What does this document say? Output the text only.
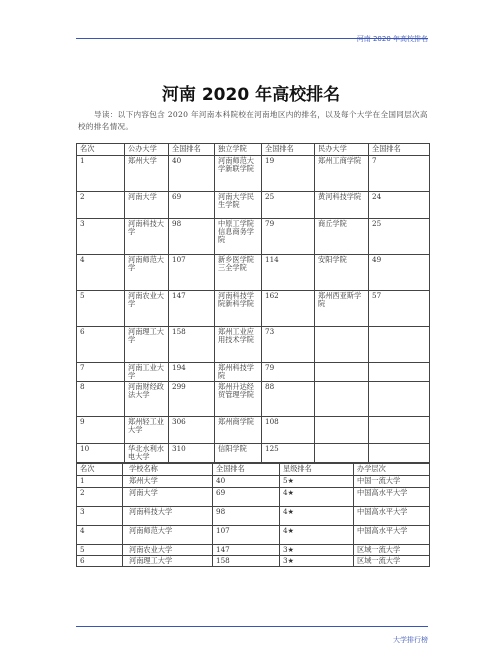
河南 2020 年高校排名
河南 2020 年高校排名
导读：以下内容包含 2020 年河南本科院校在河南地区内的排名，以及每个大学在全国同层次高校的排名情况。
名次	公办大学	全国排名	独立学院	全国排名	民办大学	全国排名
1	郑州大学	40	河南师范大学新联学院	19	郑州工商学院	7
2	河南大学	69	河南大学民生学院	25	黄河科技学院	24
3	河南科技大学	98	中原工学院信息商务学院	79	商丘学院	25
4	河南师范大学	107	新乡医学院三全学院	114	安阳学院	49
5	河南农业大学	147	河南科技学院新科学院	162	郑州西亚斯学院	57
6	河南理工大学	158	郑州工业应用技术学院	73		
7	河南工业大学	194	郑州科技学院	79		
8	河南财经政法大学	299	郑州升达经贸管理学院	88		
9	郑州轻工业大学	306	郑州商学院	108		
10	华北水利水电大学	310	信阳学院	125		
名次	学校名称	全国排名	星级排名	办学层次
1	郑州大学	40	5★	中国一流大学
2	河南大学	69	4★	中国高水平大学
3	河南科技大学	98	4★	中国高水平大学
4	河南师范大学	107	4★	中国高水平大学
5	河南农业大学	147	3★	区域一流大学
6	河南理工大学	158	3★	区域一流大学
大学排行榜
